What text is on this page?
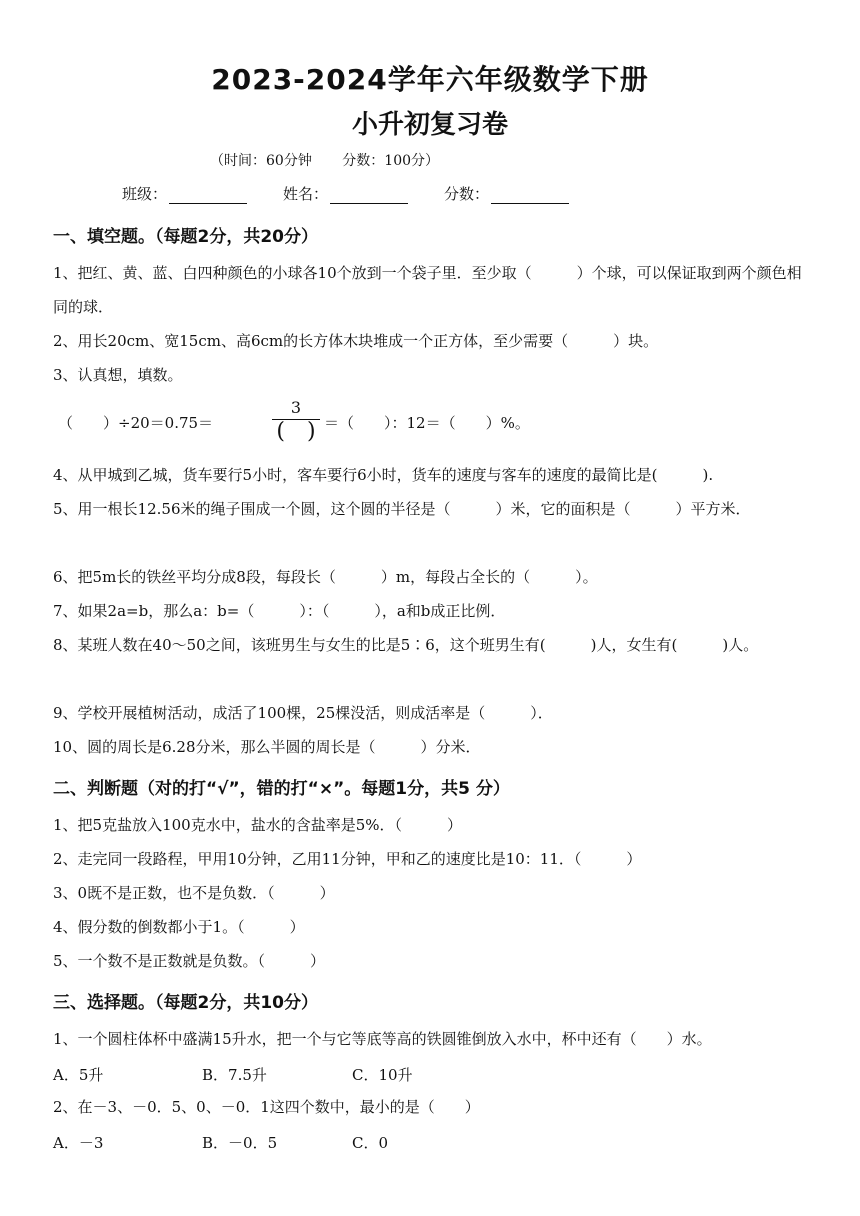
2023-2024学年六年级数学下册
小升初复习卷
（时间：60分钟 分数：100分）
班级：	姓名：	分数：
一、填空题。（每题2分，共20分）
1、把红、黄、蓝、白四种颜色的小球各10个放到一个袋子里．至少取（　　　）个球，可以保证取到两个颜色相同的球．
2、用长20cm、宽15cm、高6cm的长方体木块堆成一个正方体，至少需要（　　　）块。
3、认真想，填数。
（　　）÷20＝0.75＝
3
(　) ＝（　　）：12＝（　　）%。
4、从甲城到乙城，货车要行5小时，客车要行6小时，货车的速度与客车的速度的最简比是(　　　).
5、用一根长12.56米的绳子围成一个圆，这个圆的半径是（　　　）米，它的面积是（　　　）平方米．
6、把5m长的铁丝平均分成8段，每段长（　　　）m，每段占全长的（　　　）。
7、如果2a=b，那么a：b=（　　　）：（　　　），a和b成正比例．
8、某班人数在40～50之间，该班男生与女生的比是5∶6，这个班男生有(　　　)人，女生有(　　　)人。
9、学校开展植树活动，成活了100棵，25棵没活，则成活率是（　　　）．
10、圆的周长是6.28分米，那么半圆的周长是（　　　）分米．
二、判断题（对的打“√”，错的打“×”。每题1分，共5 分）
1、把5克盐放入100克水中，盐水的含盐率是5%．（　　　）
2、走完同一段路程，甲用10分钟，乙用11分钟，甲和乙的速度比是10：11．（　　　）
3、0既不是正数，也不是负数．（　　　）
4、假分数的倒数都小于1。（　　　）
5、一个数不是正数就是负数。（　　　）
三、选择题。（每题2分，共10分）
1、一个圆柱体杯中盛满15升水，把一个与它等底等高的铁圆锥倒放入水中，杯中还有（　　）水。
A．5升	B．7.5升	C．10升
2、在－3、－0．5、0、－0．1这四个数中，最小的是（　　）
A．－3	B．－0．5	C．0
